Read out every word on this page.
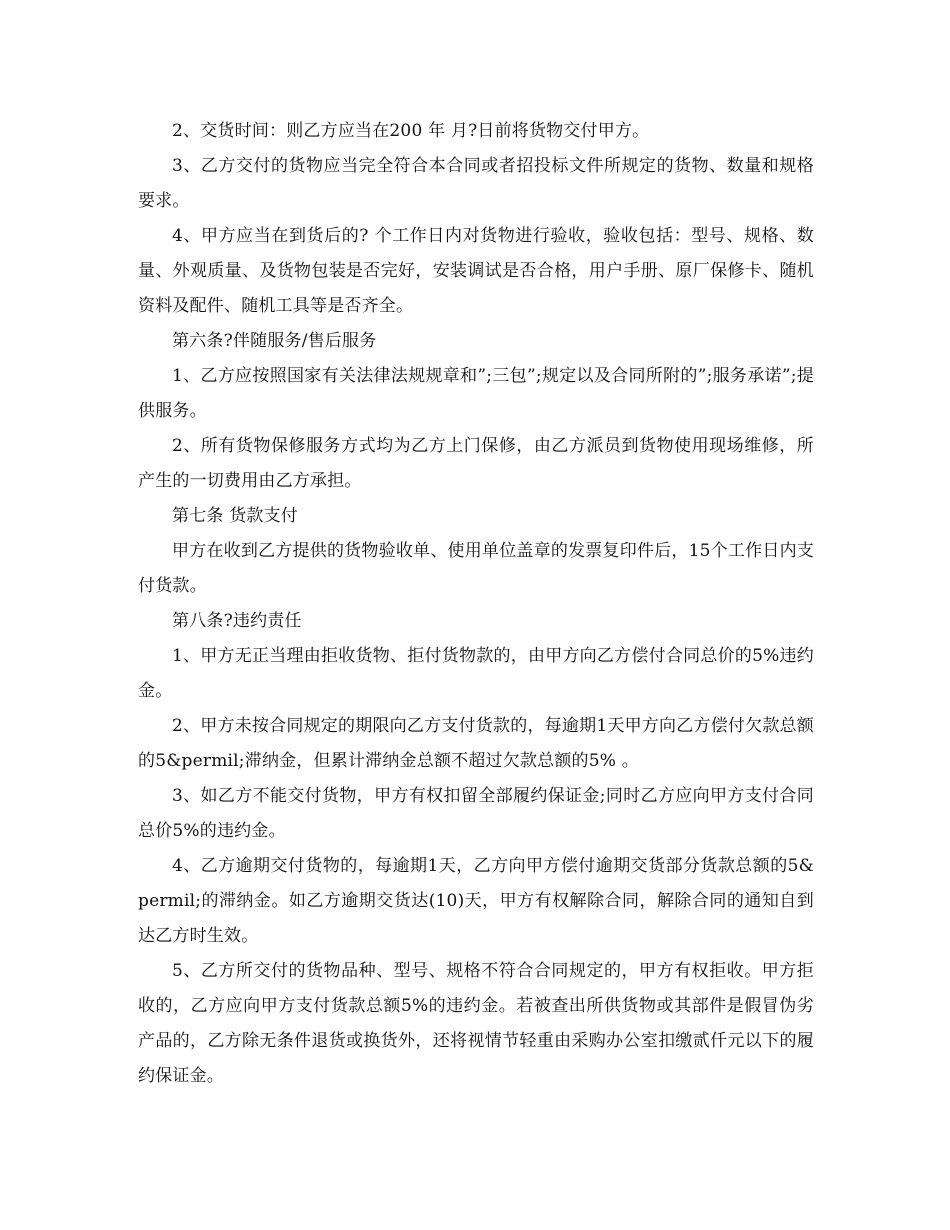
2、交货时间：则乙方应当在200 年 月?日前将货物交付甲方。

3、乙方交付的货物应当完全符合本合同或者招投标文件所规定的货物、数量和规格要求。

4、甲方应当在到货后的? 个工作日内对货物进行验收，验收包括：型号、规格、数量、外观质量、及货物包装是否完好，安装调试是否合格，用户手册、原厂保修卡、随机资料及配件、随机工具等是否齐全。

第六条?伴随服务/售后服务

1、乙方应按照国家有关法律法规规章和”;三包”;规定以及合同所附的”;服务承诺”;提供服务。

2、所有货物保修服务方式均为乙方上门保修，由乙方派员到货物使用现场维修，所产生的一切费用由乙方承担。

第七条 货款支付

甲方在收到乙方提供的货物验收单、使用单位盖章的发票复印件后，15个工作日内支付货款。

第八条?违约责任

1、甲方无正当理由拒收货物、拒付货物款的，由甲方向乙方偿付合同总价的5%违约金。

2、甲方未按合同规定的期限向乙方支付货款的，每逾期1天甲方向乙方偿付欠款总额的5&permil;滞纳金，但累计滞纳金总额不超过欠款总额的5% 。

3、如乙方不能交付货物，甲方有权扣留全部履约保证金;同时乙方应向甲方支付合同总价5%的违约金。

4、乙方逾期交付货物的，每逾期1天，乙方向甲方偿付逾期交货部分货款总额的5&permil;的滞纳金。如乙方逾期交货达(10)天，甲方有权解除合同，解除合同的通知自到达乙方时生效。

5、乙方所交付的货物品种、型号、规格不符合合同规定的，甲方有权拒收。甲方拒收的，乙方应向甲方支付货款总额5%的违约金。若被查出所供货物或其部件是假冒伪劣产品的，乙方除无条件退货或换货外，还将视情节轻重由采购办公室扣缴贰仟元以下的履约保证金。
